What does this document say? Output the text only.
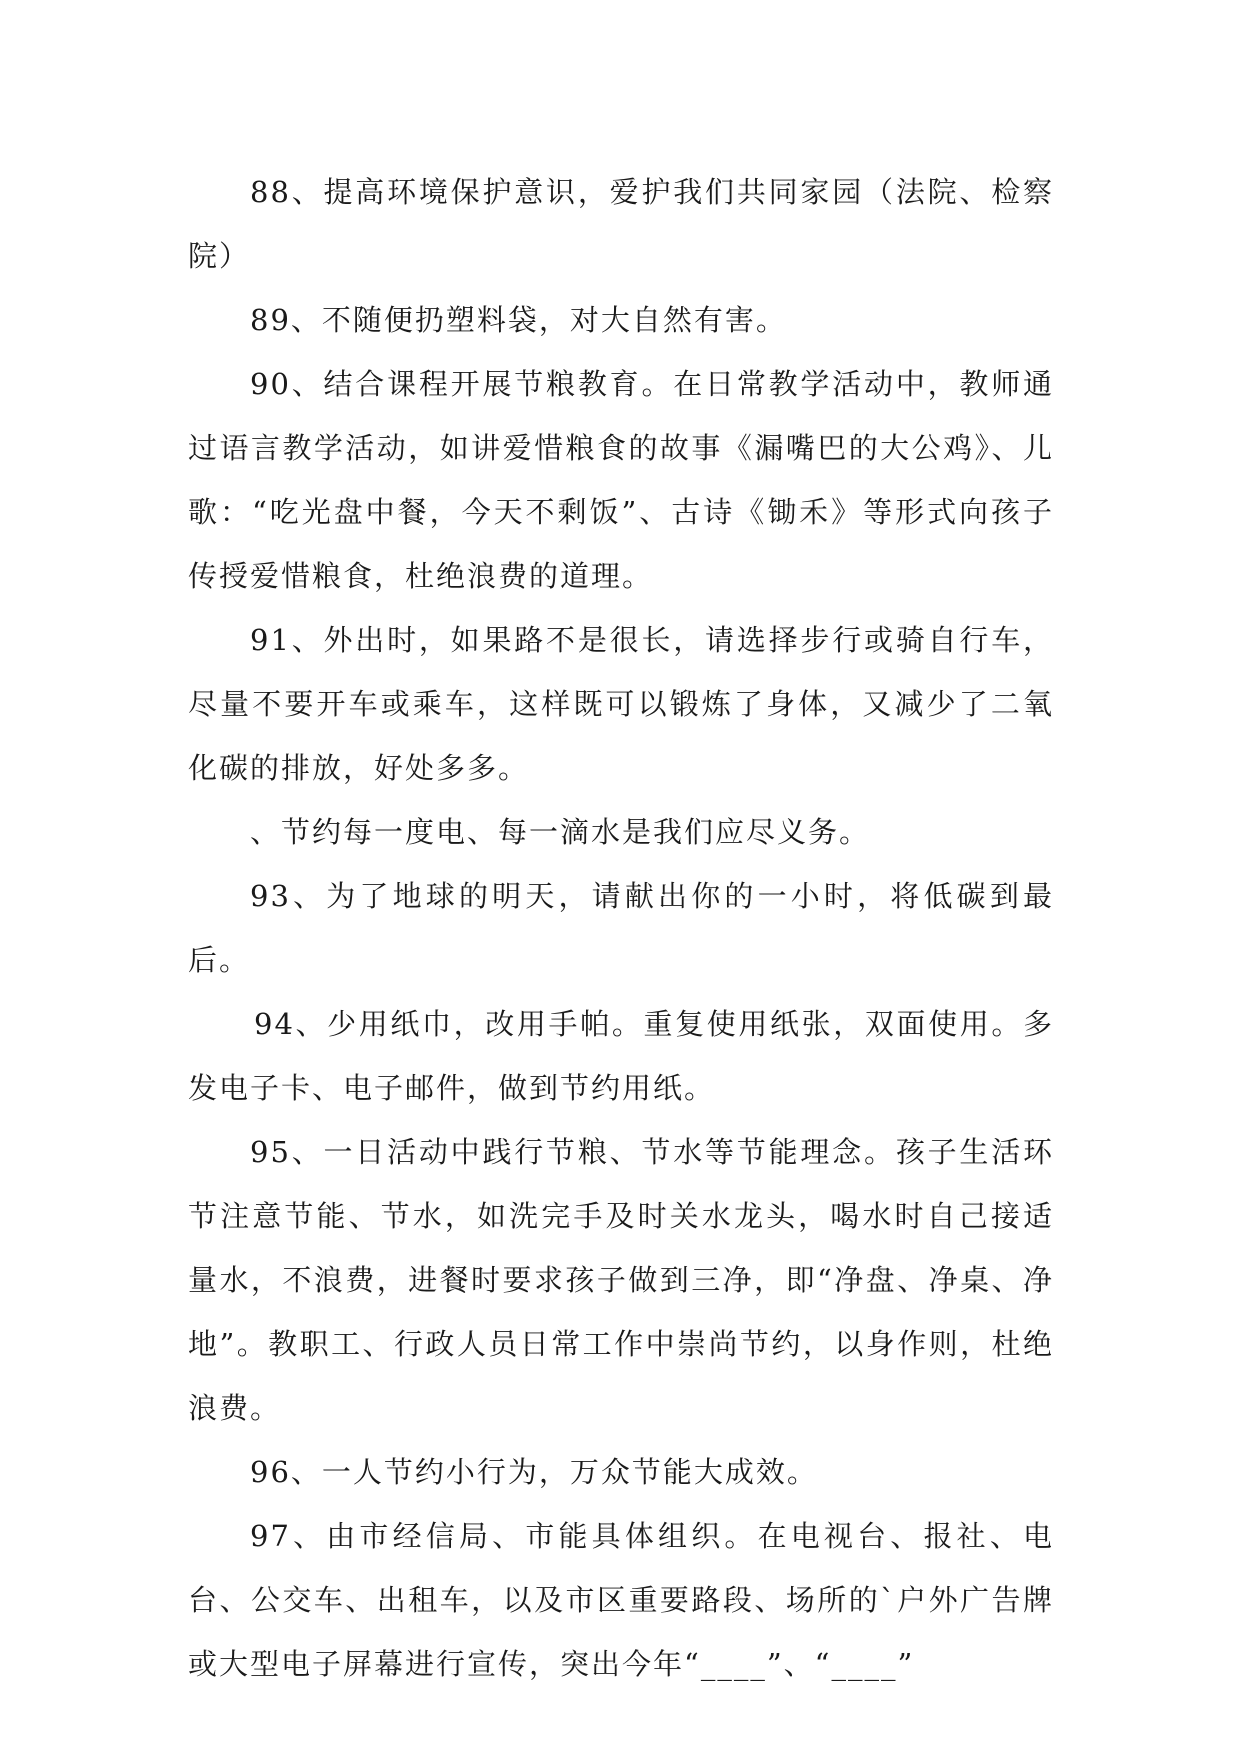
88、提高环境保护意识，爱护我们共同家园（法院、检察院）

89、不随便扔塑料袋，对大自然有害。

90、结合课程开展节粮教育。在日常教学活动中，教师通过语言教学活动，如讲爱惜粮食的故事《漏嘴巴的大公鸡》、儿歌：“吃光盘中餐，今天不剩饭”、古诗《锄禾》等形式向孩子传授爱惜粮食，杜绝浪费的道理。

91、外出时，如果路不是很长，请选择步行或骑自行车，尽量不要开车或乘车，这样既可以锻炼了身体，又减少了二氧化碳的排放，好处多多。

、节约每一度电、每一滴水是我们应尽义务。

93、为了地球的明天，请献出你的一小时，将低碳到最后。

94、少用纸巾，改用手帕。重复使用纸张，双面使用。多发电子卡、电子邮件，做到节约用纸。

95、一日活动中践行节粮、节水等节能理念。孩子生活环节注意节能、节水，如洗完手及时关水龙头，喝水时自己接适量水，不浪费，进餐时要求孩子做到三净，即“净盘、净桌、净地”。教职工、行政人员日常工作中崇尚节约，以身作则，杜绝浪费。

96、一人节约小行为，万众节能大成效。

97、由市经信局、市能具体组织。在电视台、报社、电台、公交车、出租车，以及市区重要路段、场所的`户外广告牌或大型电子屏幕进行宣传，突出今年“____”、“____”
